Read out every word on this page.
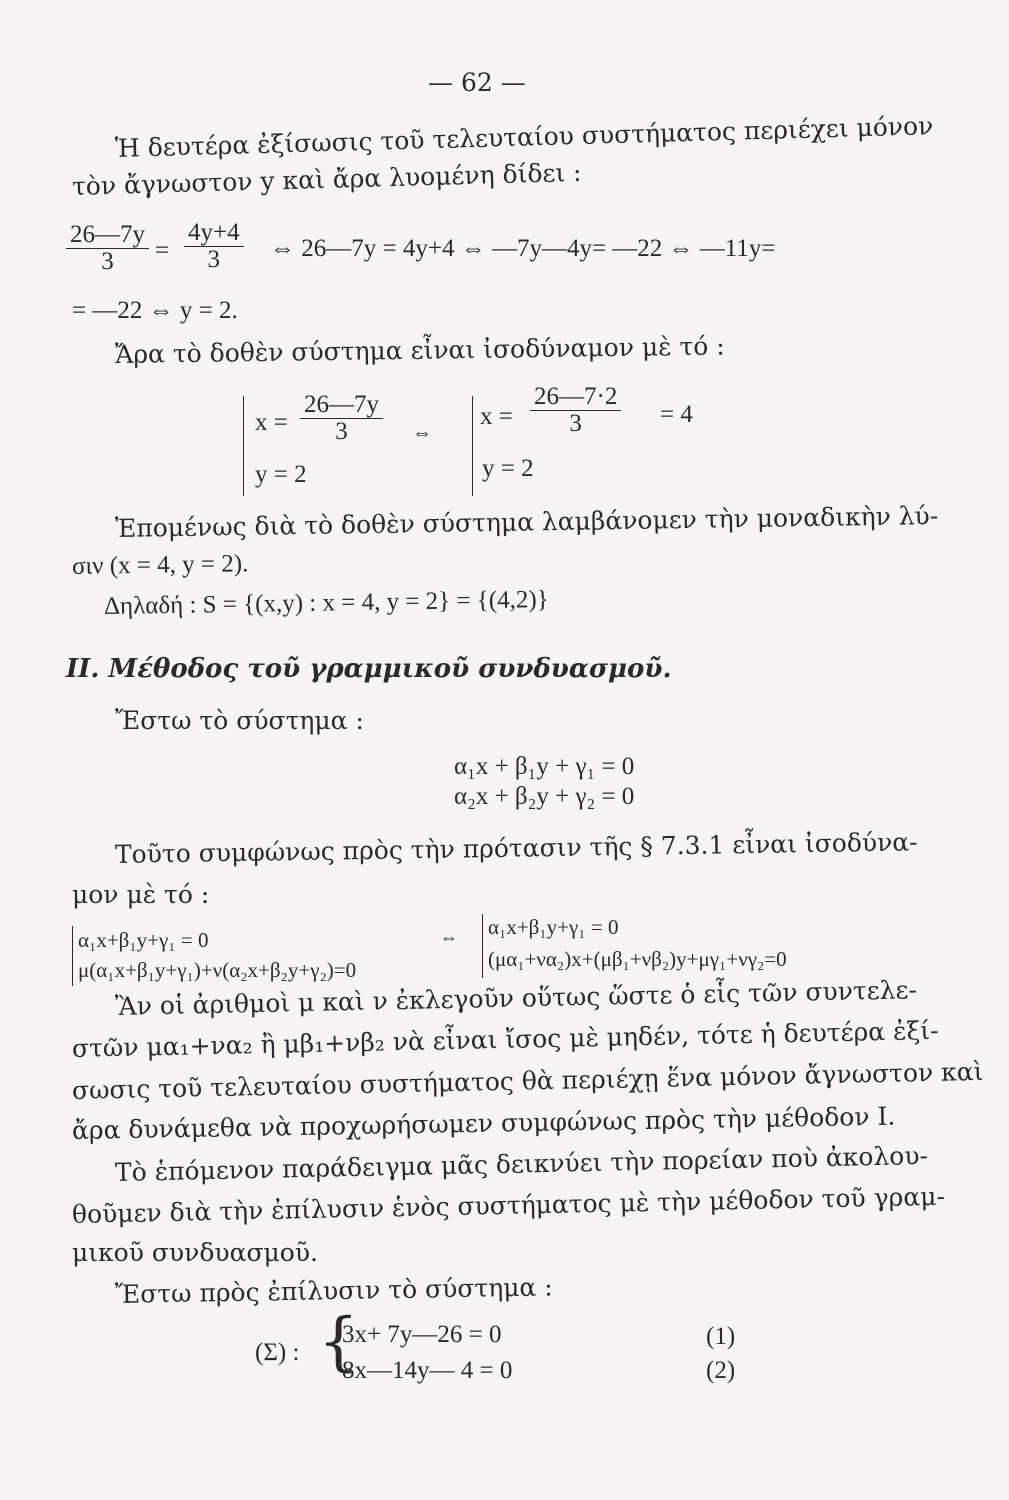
— 62 —
Ἡ δευτέρα ἐξίσωσις τοῦ τελευταίου συστήματος περιέχει μόνον
τὸν ἄγνωστον y καὶ ἄρα λυομένη δίδει :
$\frac{26—7y}{3} = \frac{4y+4}{3}$ ⇔ 26—7y = 4y+4 ⇔ —7y—4y= —22 ⇔ —11y=
= —22 ⇔ y = 2.
Ἄρα τὸ δοθὲν σύστημα εἶναι ἰσοδύναμον μὲ τό :
$x = \frac{26—7y}{3}$
y = 2
⇔
$x = \frac{26—7\cdot 2}{3} = 4$
y = 2
Ἐπομένως διὰ τὸ δοθὲν σύστημα λαμβάνομεν τὴν μοναδικὴν λύ-
σιν (x = 4, y = 2).
Δηλαδή : S = {(x,y) : x = 4, y = 2} = {(4,2)}
II. Μέθοδος τοῦ γραμμικοῦ συνδυασμοῦ.
Ἔστω τὸ σύστημα :
α₁x + β₁y + γ₁ = 0
α₂x + β₂y + γ₂ = 0
Τοῦτο συμφώνως πρὸς τὴν πρότασιν τῆς § 7.3.1 εἶναι ἰσοδύνα-
μον μὲ τό :
α₁x+β₁y+γ₁ = 0
μ(α₁x+β₁y+γ₁)+ν(α₂x+β₂y+γ₂)=0
⇔ α₁x+β₁y+γ₁ = 0
(μα₁+να₂)x+(μβ₁+νβ₂)y+μγ₁+νγ₂=0
Ἂν οἱ ἀριθμοὶ μ καὶ ν ἐκλεγοῦν οὕτως ὥστε ὁ εἷς τῶν συντελε-
στῶν μα₁+να₂ ἢ μβ₁+νβ₂ νὰ εἶναι ἴσος μὲ μηδέν, τότε ἡ δευτέρα ἐξί-
σωσις τοῦ τελευταίου συστήματος θὰ περιέχῃ ἕνα μόνον ἄγνωστον καὶ
ἄρα δυνάμεθα νὰ προχωρήσωμεν συμφώνως πρὸς τὴν μέθοδον Ι.
Τὸ ἑπόμενον παράδειγμα μᾶς δεικνύει τὴν πορείαν ποὺ ἀκολου-
θοῦμεν διὰ τὴν ἐπίλυσιν ἑνὸς συστήματος μὲ τὴν μέθοδον τοῦ γραμ-
μικοῦ συνδυασμοῦ.
Ἔστω πρὸς ἐπίλυσιν τὸ σύστημα :
(Σ) : {
3x+ 7y—26 = 0
8x—14y— 4 = 0
(1)
(2)
